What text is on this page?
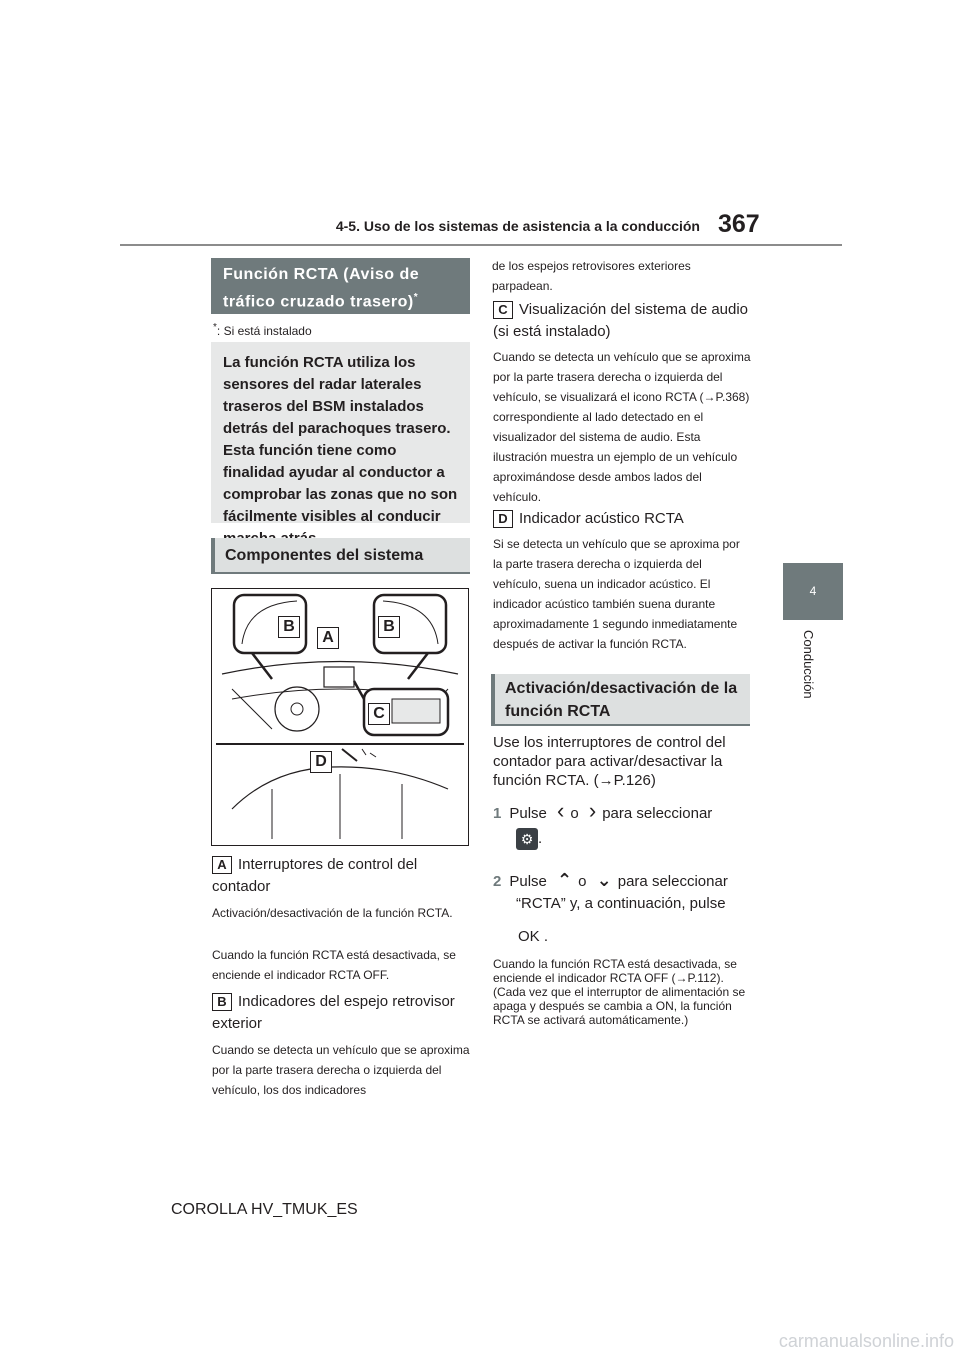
4-5. Uso de los sistemas de asistencia a la conducción 367
4
Conducción
Función RCTA (Aviso de tráfico cruzado trasero)*
*: Si está instalado
La función RCTA utiliza los sensores del radar laterales traseros del BSM instalados detrás del parachoques trasero. Esta función tiene como finalidad ayudar al conductor a comprobar las zonas que no son fácilmente visibles al conducir
Componentes del sistema
B
A
B
C
D
A Interruptores de control del contador
Activación/desactivación de la función RCTA.
Cuando la función RCTA está desactivada, se enciende el indicador RCTA OFF.
B Indicadores del espejo retrovisor exterior
Cuando se detecta un vehículo que se aproxima por la parte trasera derecha o izquierda del vehículo, los dos indicadores
de los espejos retrovisores exteriores parpadean.
C Visualización del sistema de audio (si está instalado)
Cuando se detecta un vehículo que se aproxima por la parte trasera derecha o izquierda del vehículo, se visualizará el icono RCTA (→P.368) correspondiente al lado detectado en el visualizador del sistema de audio. Esta ilustración muestra un ejemplo de un vehículo aproximándose desde ambos lados del vehículo.
D Indicador acústico RCTA
Si se detecta un vehículo que se aproxima por la parte trasera derecha o izquierda del vehículo, suena un indicador acústico. El indicador acústico también suena durante aproximadamente 1 segundo inmediatamente después de activar la función RCTA.
Activación/desactivación de la función RCTA
Use los interruptores de control del contador para activar/desactivar la función RCTA. (→P.126)
1 Pulse ‹ o › para seleccionar
⚙ .
2 Pulse ⌃ o ⌄ para seleccionar
“RCTA” y, a continuación, pulse
OK .
Cuando la función RCTA está desactivada, se enciende el indicador RCTA OFF (→P.112). (Cada vez que el interruptor de alimentación se apaga y después se cambia a ON, la función RCTA se activará automáticamente.)
COROLLA HV_TMUK_ES
carmanualsonline.info
